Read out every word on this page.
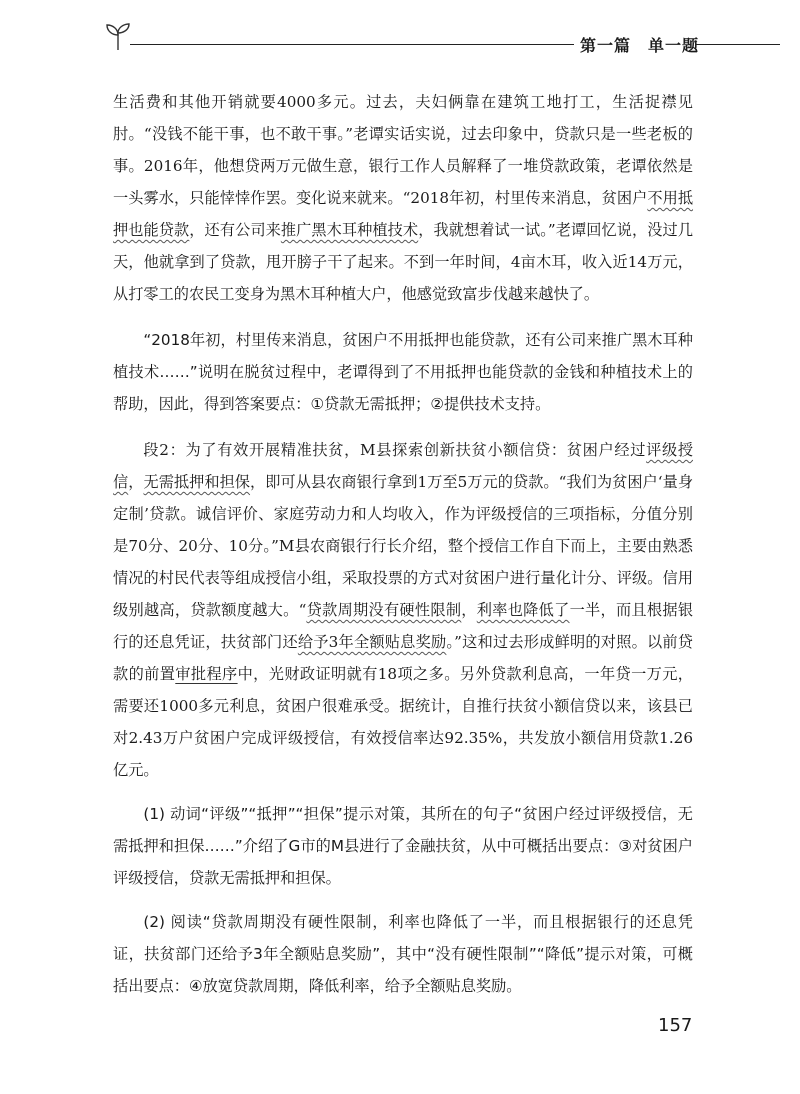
第一篇　单一题

生活费和其他开销就要4000多元。过去，夫妇俩靠在建筑工地打工，生活捉襟见肘。“没钱不能干事，也不敢干事。”老谭实话实说，过去印象中，贷款只是一些老板的事。2016年，他想贷两万元做生意，银行工作人员解释了一堆贷款政策，老谭依然是一头雾水，只能悻悻作罢。变化说来就来。“2018年初，村里传来消息，贫困户不用抵押也能贷款，还有公司来推广黑木耳种植技术，我就想着试一试。”老谭回忆说，没过几天，他就拿到了贷款，甩开膀子干了起来。不到一年时间，4亩木耳，收入近14万元，从打零工的农民工变身为黑木耳种植大户，他感觉致富步伐越来越快了。

“2018年初，村里传来消息，贫困户不用抵押也能贷款，还有公司来推广黑木耳种植技术……”说明在脱贫过程中，老谭得到了不用抵押也能贷款的金钱和种植技术上的帮助，因此，得到答案要点：①贷款无需抵押；②提供技术支持。

段2：为了有效开展精准扶贫，M县探索创新扶贫小额信贷：贫困户经过评级授信，无需抵押和担保，即可从县农商银行拿到1万至5万元的贷款。“我们为贫困户‘量身定制’贷款。诚信评价、家庭劳动力和人均收入，作为评级授信的三项指标，分值分别是70分、20分、10分。”M县农商银行行长介绍，整个授信工作自下而上，主要由熟悉情况的村民代表等组成授信小组，采取投票的方式对贫困户进行量化计分、评级。信用级别越高，贷款额度越大。“贷款周期没有硬性限制，利率也降低了一半，而且根据银行的还息凭证，扶贫部门还给予3年全额贴息奖励。”这和过去形成鲜明的对照。以前贷款的前置审批程序中，光财政证明就有18项之多。另外贷款利息高，一年贷一万元，需要还1000多元利息，贫困户很难承受。据统计，自推行扶贫小额信贷以来，该县已对2.43万户贫困户完成评级授信，有效授信率达92.35%，共发放小额信用贷款1.26亿元。

(1) 动词“评级”“抵押”“担保”提示对策，其所在的句子“贫困户经过评级授信，无需抵押和担保……”介绍了G市的M县进行了金融扶贫，从中可概括出要点：③对贫困户评级授信，贷款无需抵押和担保。

(2) 阅读“贷款周期没有硬性限制，利率也降低了一半，而且根据银行的还息凭证，扶贫部门还给予3年全额贴息奖励”，其中“没有硬性限制”“降低”提示对策，可概括出要点：④放宽贷款周期，降低利率，给予全额贴息奖励。

157
